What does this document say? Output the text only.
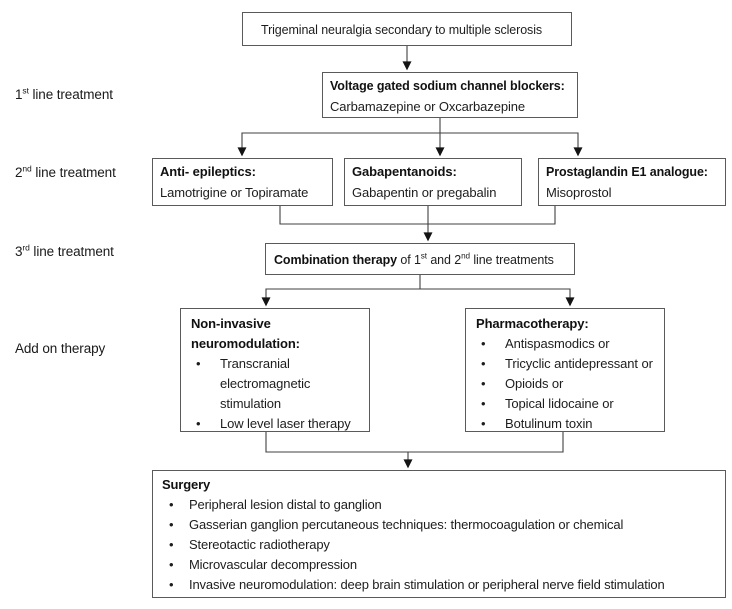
1st line treatment
2nd line treatment
3rd line treatment
Add on therapy
Trigeminal neuralgia secondary to multiple sclerosis
Voltage gated sodium channel blockers:
Carbamazepine or Oxcarbazepine
Anti- epileptics:
Lamotrigine or Topiramate
Gabapentanoids:
Gabapentin or pregabalin
Prostaglandin E1 analogue:
Misoprostol
Combination therapy of 1st and 2nd line treatments
Non-invasive neuromodulation:
•
Transcranial electromagnetic stimulation
•
Low level laser therapy
Pharmacotherapy:
•
Antispasmodics or
•
Tricyclic antidepressant or
•
Opioids or
•
Topical lidocaine or
•
Botulinum toxin
Surgery
•
Peripheral lesion distal to ganglion
•
Gasserian ganglion percutaneous techniques: thermocoagulation or chemical
•
Stereotactic radiotherapy
•
Microvascular decompression
•
Invasive neuromodulation: deep brain stimulation or peripheral nerve field stimulation
